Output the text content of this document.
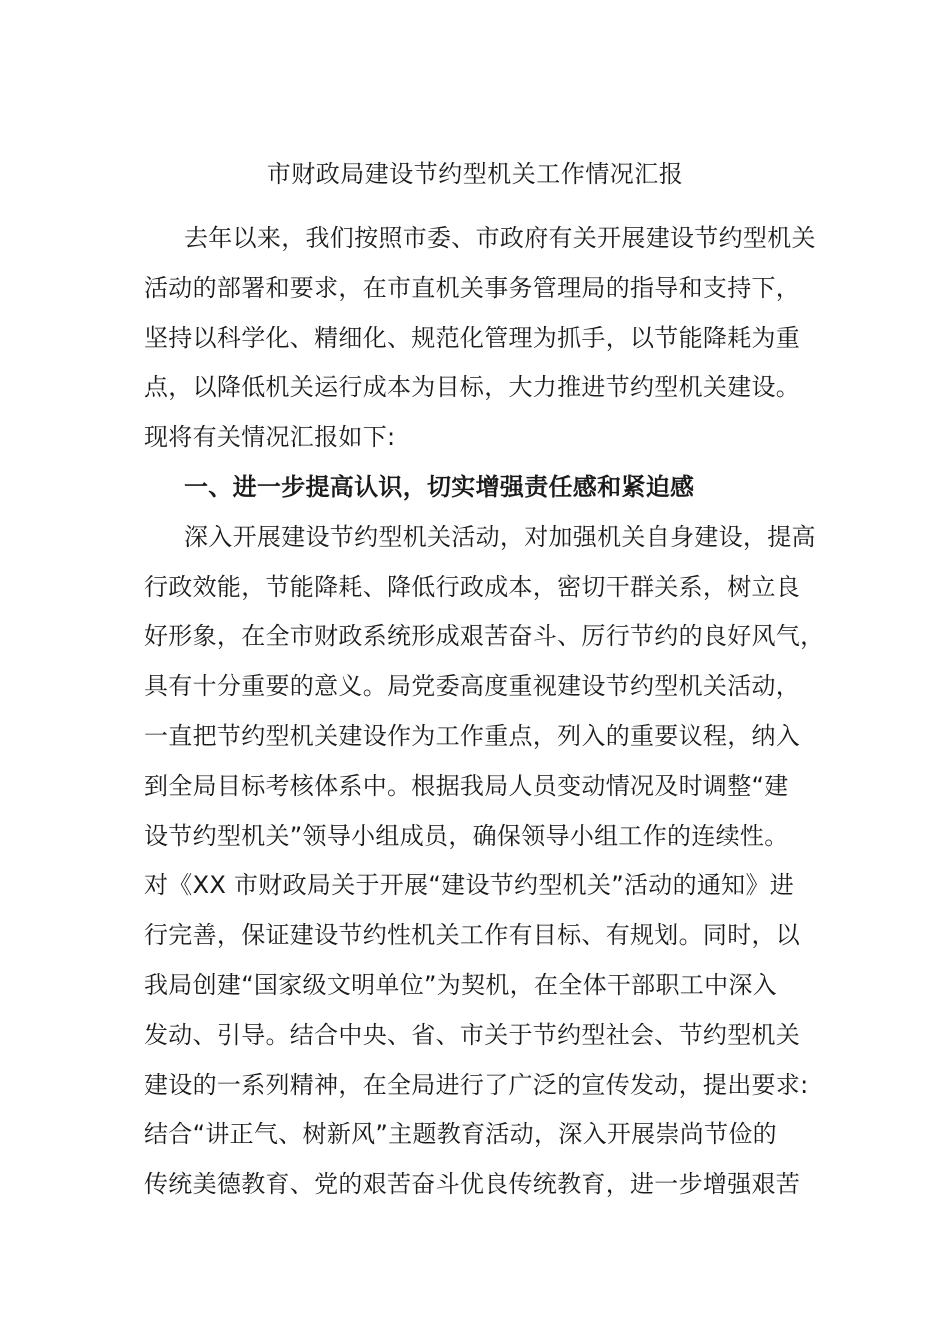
市财政局建设节约型机关工作情况汇报
去年以来，我们按照市委、市政府有关开展建设节约型机关
活动的部署和要求，在市直机关事务管理局的指导和支持下，
坚持以科学化、精细化、规范化管理为抓手，以节能降耗为重
点，以降低机关运行成本为目标，大力推进节约型机关建设。
现将有关情况汇报如下:
一、进一步提高认识，切实增强责任感和紧迫感
深入开展建设节约型机关活动，对加强机关自身建设，提高
行政效能，节能降耗、降低行政成本，密切干群关系，树立良
好形象，在全市财政系统形成艰苦奋斗、厉行节约的良好风气，
具有十分重要的意义。局党委高度重视建设节约型机关活动，
一直把节约型机关建设作为工作重点，列入的重要议程，纳入
到全局目标考核体系中。根据我局人员变动情况及时调整“建
设节约型机关”领导小组成员，确保领导小组工作的连续性。
对《XX 市财政局关于开展“建设节约型机关”活动的通知》进
行完善，保证建设节约性机关工作有目标、有规划。同时，以
我局创建“国家级文明单位”为契机，在全体干部职工中深入
发动、引导。结合中央、省、市关于节约型社会、节约型机关
建设的一系列精神，在全局进行了广泛的宣传发动，提出要求:
结合“讲正气、树新风”主题教育活动，深入开展崇尚节俭的
传统美德教育、党的艰苦奋斗优良传统教育，进一步增强艰苦
